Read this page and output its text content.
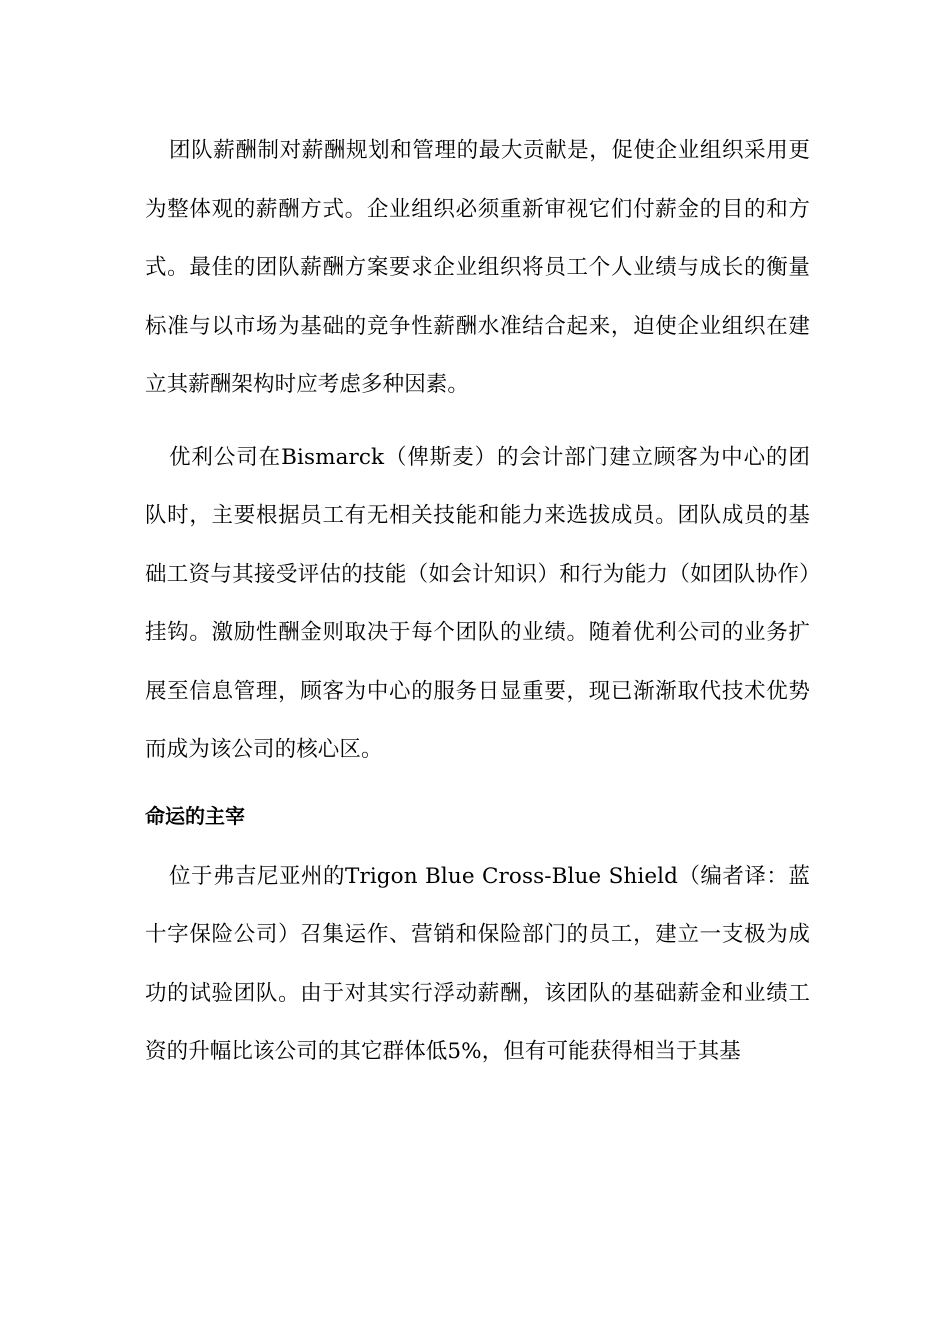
团队薪酬制对薪酬规划和管理的最大贡献是，促使企业组织采用更为整体观的薪酬方式。企业组织必须重新审视它们付薪金的目的和方式。最佳的团队薪酬方案要求企业组织将员工个人业绩与成长的衡量标准与以市场为基础的竞争性薪酬水准结合起来，迫使企业组织在建立其薪酬架构时应考虑多种因素。

优利公司在Bismarck（俾斯麦）的会计部门建立顾客为中心的团队时，主要根据员工有无相关技能和能力来选拔成员。团队成员的基础工资与其接受评估的技能（如会计知识）和行为能力（如团队协作）挂钩。激励性酬金则取决于每个团队的业绩。随着优利公司的业务扩展至信息管理，顾客为中心的服务日显重要，现已渐渐取代技术优势而成为该公司的核心区。

命运的主宰

位于弗吉尼亚州的Trigon Blue Cross-Blue Shield（编者译：蓝十字保险公司）召集运作、营销和保险部门的员工，建立一支极为成功的试验团队。由于对其实行浮动薪酬，该团队的基础薪金和业绩工资的升幅比该公司的其它群体低5%，但有可能获得相当于其基
